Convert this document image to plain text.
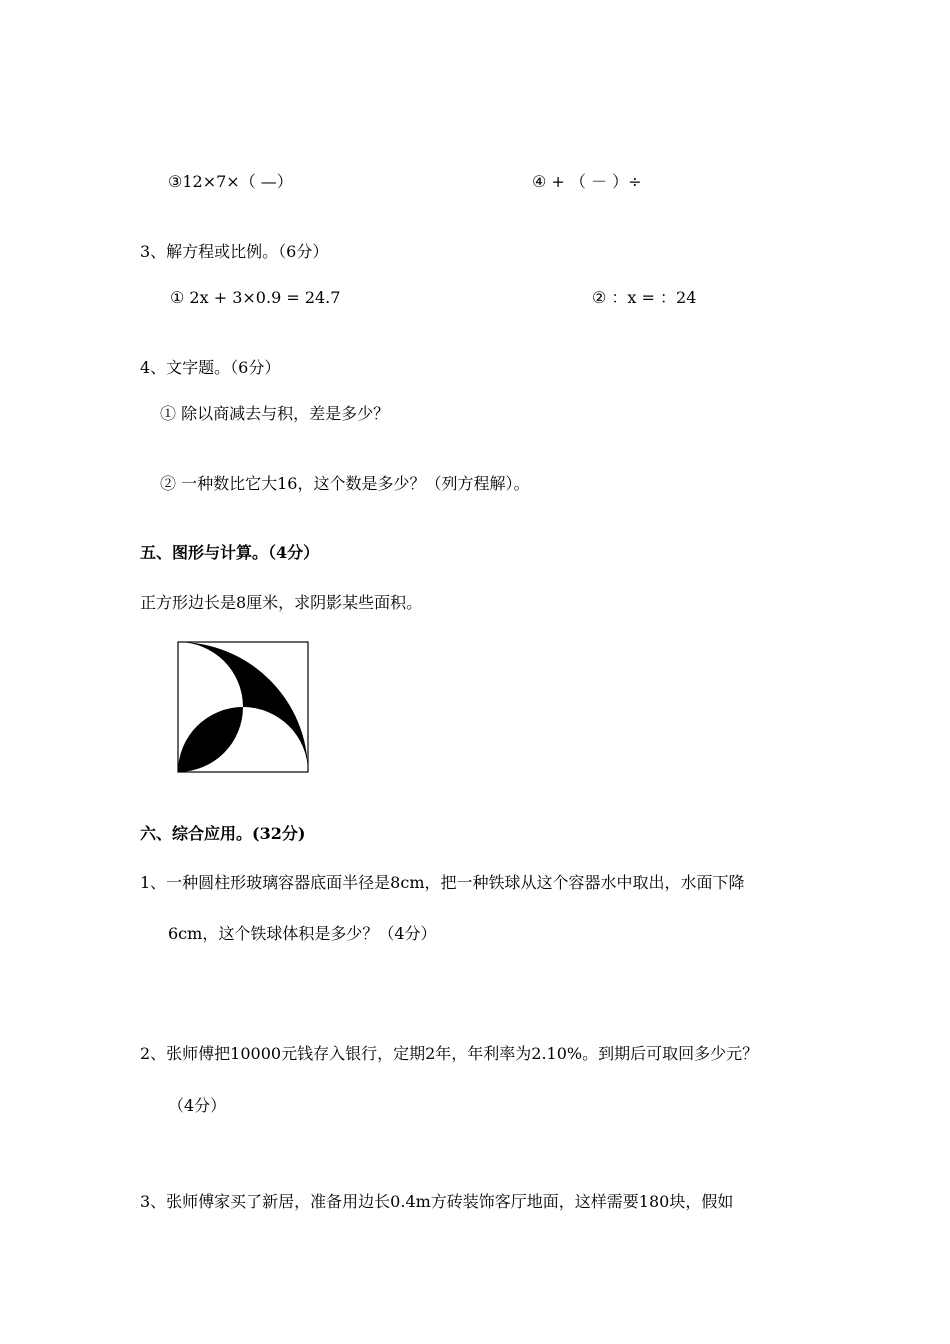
③12×7×（ —）	④ + （ － ）÷
3、解方程或比例。（6分）
① 2x + 3×0.9 = 24.7	② ：x = ：24
4、文字题。（6分）
① 除以商减去与积，差是多少？
② 一种数比它大16，这个数是多少？（列方程解）。
五、图形与计算。（4分）
正方形边长是8厘米，求阴影某些面积。
六、综合应用。(32分)
1、一种圆柱形玻璃容器底面半径是8cm，把一种铁球从这个容器水中取出，水面下降
6cm，这个铁球体积是多少？（4分）
2、张师傅把10000元钱存入银行，定期2年，年利率为2.10%。到期后可取回多少元？
（4分）
3、张师傅家买了新居，准备用边长0.4m方砖装饰客厅地面，这样需要180块，假如
